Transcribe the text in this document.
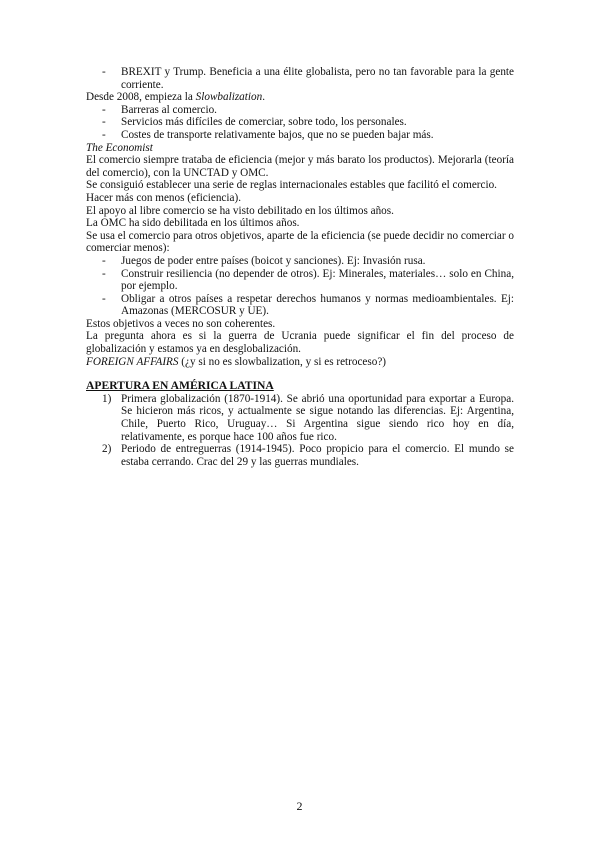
- BREXIT y Trump. Beneficia a una élite globalista, pero no tan favorable para la gente corriente.

Desde 2008, empieza la Slowbalization.

- Barreras al comercio.
- Servicios más difíciles de comerciar, sobre todo, los personales.
- Costes de transporte relativamente bajos, que no se pueden bajar más.

The Economist

El comercio siempre trataba de eficiencia (mejor y más barato los productos). Mejorarla (teoría del comercio), con la UNCTAD y OMC.

Se consiguió establecer una serie de reglas internacionales estables que facilitó el comercio.

Hacer más con menos (eficiencia).

El apoyo al libre comercio se ha visto debilitado en los últimos años.

La OMC ha sido debilitada en los últimos años.

Se usa el comercio para otros objetivos, aparte de la eficiencia (se puede decidir no comerciar o comerciar menos):

- Juegos de poder entre países (boicot y sanciones). Ej: Invasión rusa.
- Construir resiliencia (no depender de otros). Ej: Minerales, materiales… solo en China, por ejemplo.
- Obligar a otros países a respetar derechos humanos y normas medioambientales. Ej: Amazonas (MERCOSUR y UE).

Estos objetivos a veces no son coherentes.

La pregunta ahora es si la guerra de Ucrania puede significar el fin del proceso de globalización y estamos ya en desglobalización.

FOREIGN AFFAIRS (¿y si no es slowbalization, y si es retroceso?)

APERTURA EN AMÉRICA LATINA

1) Primera globalización (1870-1914). Se abrió una oportunidad para exportar a Europa. Se hicieron más ricos, y actualmente se sigue notando las diferencias. Ej: Argentina, Chile, Puerto Rico, Uruguay… Si Argentina sigue siendo rico hoy en día, relativamente, es porque hace 100 años fue rico.
2) Periodo de entreguerras (1914-1945). Poco propicio para el comercio. El mundo se estaba cerrando. Crac del 29 y las guerras mundiales.
2
